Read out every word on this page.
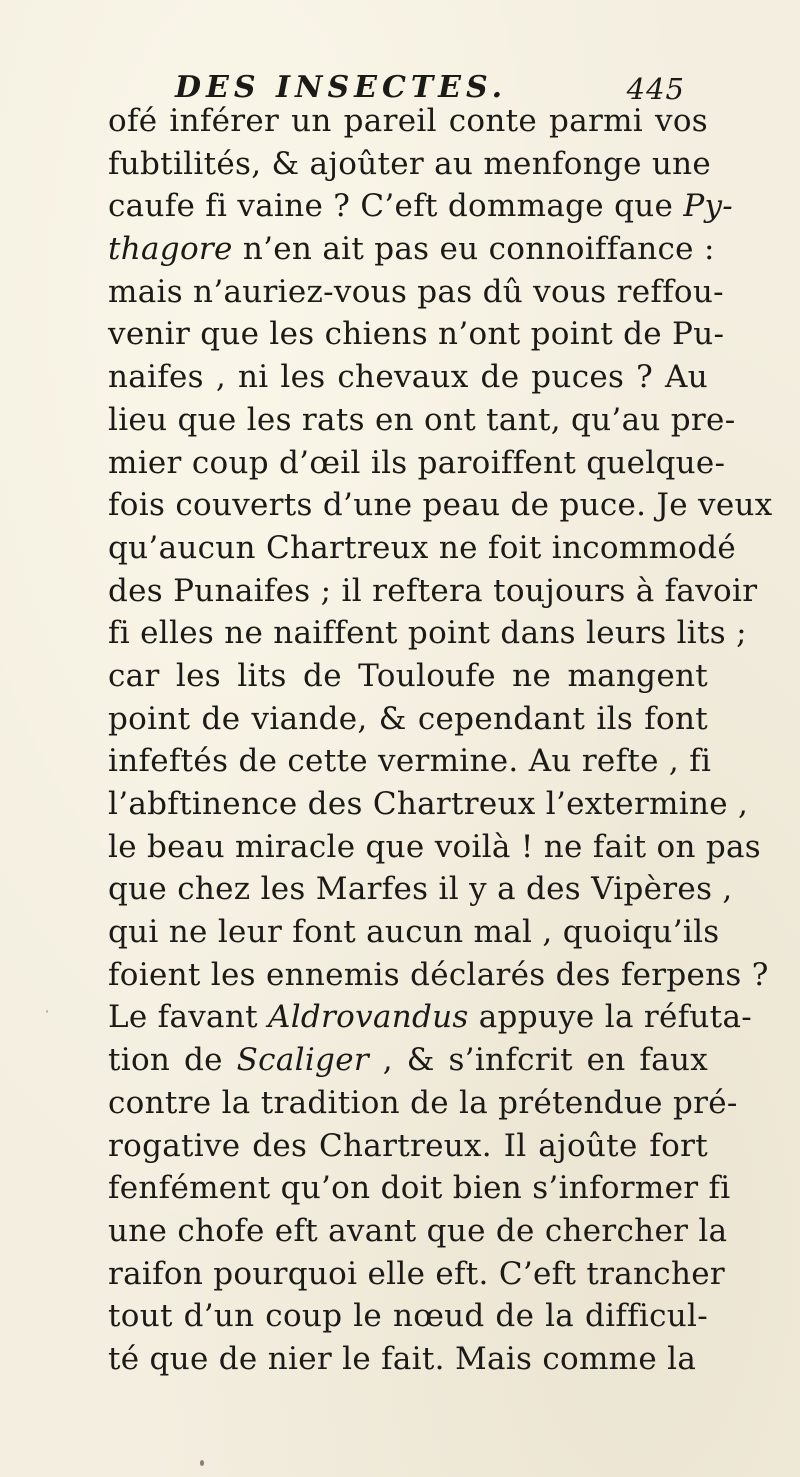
DES INSECTES.	445
ofé inférer un pareil conte parmi vos
fubtilités, & ajoûter au menfonge une
caufe fi vaine ? C’eft dommage que Py-
thagore n’en ait pas eu connoiffance :
mais n’auriez-vous pas dû vous reffou-
venir que les chiens n’ont point de Pu-
naifes , ni les chevaux de puces ? Au
lieu que les rats en ont tant, qu’au pre-
mier coup d’œil ils paroiffent quelque-
fois couverts d’une peau de puce. Je veux
qu’aucun Chartreux ne foit incommodé
des Punaifes ; il reftera toujours à favoir
fi elles ne naiffent point dans leurs lits ;
car les lits de Touloufe ne mangent
point de viande, & cependant ils font
infeftés de cette vermine. Au refte , fi
l’abftinence des Chartreux l’extermine ,
le beau miracle que voilà ! ne fait on pas
que chez les Marfes il y a des Vipères ,
qui ne leur font aucun mal , quoiqu’ils
foient les ennemis déclarés des ferpens ?
Le favant Aldrovandus appuye la réfuta-
tion de Scaliger , & s’infcrit en faux
contre la tradition de la prétendue pré-
rogative des Chartreux. Il ajoûte fort
fenfément qu’on doit bien s’informer fi
une chofe eft avant que de chercher la
raifon pourquoi elle eft. C’eft trancher
tout d’un coup le nœud de la difficul-
té que de nier le fait. Mais comme la
